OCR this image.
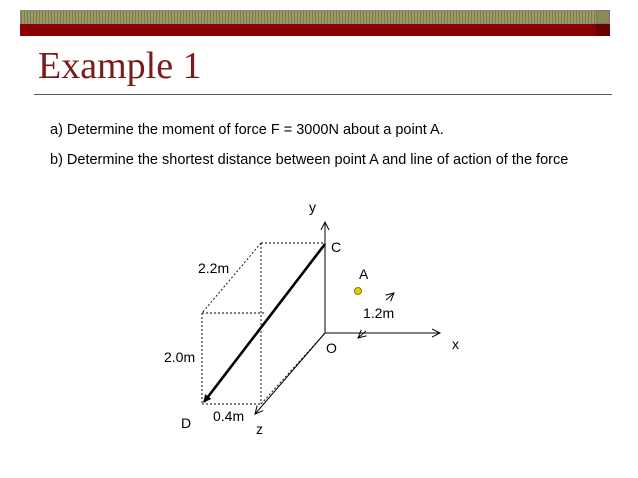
Example 1
a) Determine the moment of force F = 3000N about a point A.
b) Determine the shortest distance between point A and line of action of the force
y
C
A
2.2m
1.2m
O	x
2.0m
D 0.4m
z
